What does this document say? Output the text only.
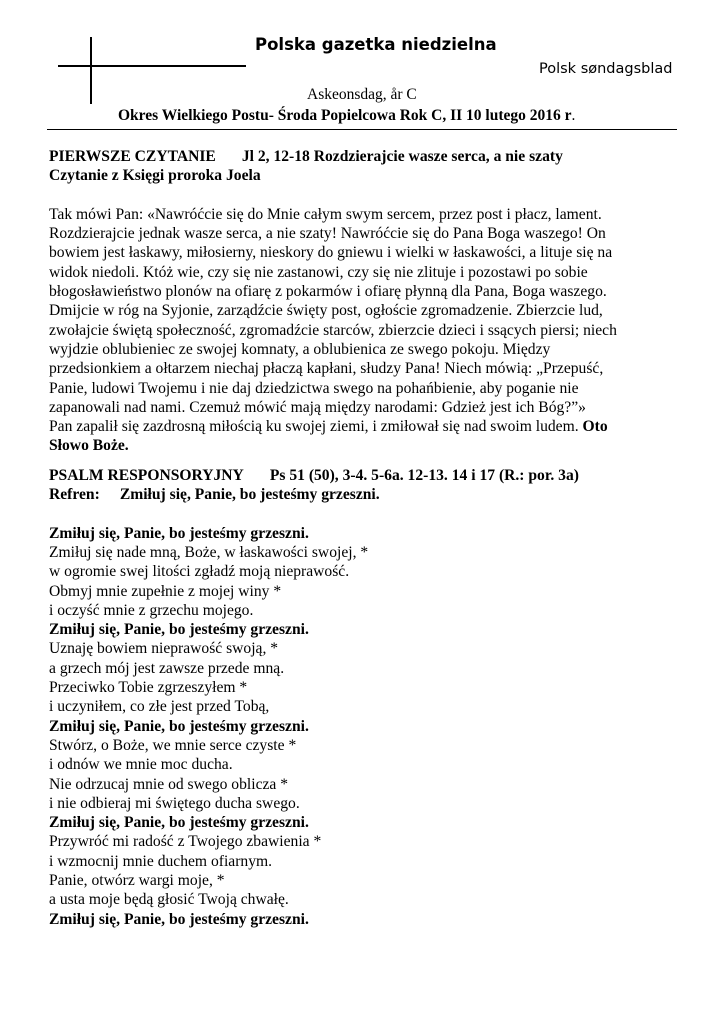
Polska gazetka niedzielna
Polsk søndagsblad
Askeonsdag, år C
Okres Wielkiego Postu- Środa Popielcowa Rok C, II 10 lutego 2016 r.
PIERWSZE CZYTANIE Jl 2, 12-18 Rozdzierajcie wasze serca, a nie szaty
Czytanie z Księgi proroka Joela
Tak mówi Pan: «Nawróćcie się do Mnie całym swym sercem, przez post i płacz, lament.
Rozdzierajcie jednak wasze serca, a nie szaty! Nawróćcie się do Pana Boga waszego! On
bowiem jest łaskawy, miłosierny, nieskory do gniewu i wielki w łaskawości, a lituje się na
widok niedoli. Któż wie, czy się nie zastanowi, czy się nie zlituje i pozostawi po sobie
błogosławieństwo plonów na ofiarę z pokarmów i ofiarę płynną dla Pana, Boga waszego.
Dmijcie w róg na Syjonie, zarządźcie święty post, ogłoście zgromadzenie. Zbierzcie lud,
zwołajcie świętą społeczność, zgromadźcie starców, zbierzcie dzieci i ssących piersi; niech
wyjdzie oblubieniec ze swojej komnaty, a oblubienica ze swego pokoju. Między
przedsionkiem a ołtarzem niechaj płaczą kapłani, słudzy Pana! Niech mówią: „Przepuść,
Panie, ludowi Twojemu i nie daj dziedzictwa swego na pohańbienie, aby poganie nie
zapanowali nad nami. Czemuż mówić mają między narodami: Gdzież jest ich Bóg?”»
Pan zapalił się zazdrosną miłością ku swojej ziemi, i zmiłował się nad swoim ludem. Oto
Słowo Boże.
PSALM RESPONSORYJNY Ps 51 (50), 3-4. 5-6a. 12-13. 14 i 17 (R.: por. 3a)
Refren: Zmiłuj się, Panie, bo jesteśmy grzeszni.
Zmiłuj się, Panie, bo jesteśmy grzeszni.
Zmiłuj się nade mną, Boże, w łaskawości swojej, *
w ogromie swej litości zgładź moją nieprawość.
Obmyj mnie zupełnie z mojej winy *
i oczyść mnie z grzechu mojego.
Zmiłuj się, Panie, bo jesteśmy grzeszni.
Uznaję bowiem nieprawość swoją, *
a grzech mój jest zawsze przede mną.
Przeciwko Tobie zgrzeszyłem *
i uczyniłem, co złe jest przed Tobą,
Zmiłuj się, Panie, bo jesteśmy grzeszni.
Stwórz, o Boże, we mnie serce czyste *
i odnów we mnie moc ducha.
Nie odrzucaj mnie od swego oblicza *
i nie odbieraj mi świętego ducha swego.
Zmiłuj się, Panie, bo jesteśmy grzeszni.
Przywróć mi radość z Twojego zbawienia *
i wzmocnij mnie duchem ofiarnym.
Panie, otwórz wargi moje, *
a usta moje będą głosić Twoją chwałę.
Zmiłuj się, Panie, bo jesteśmy grzeszni.
